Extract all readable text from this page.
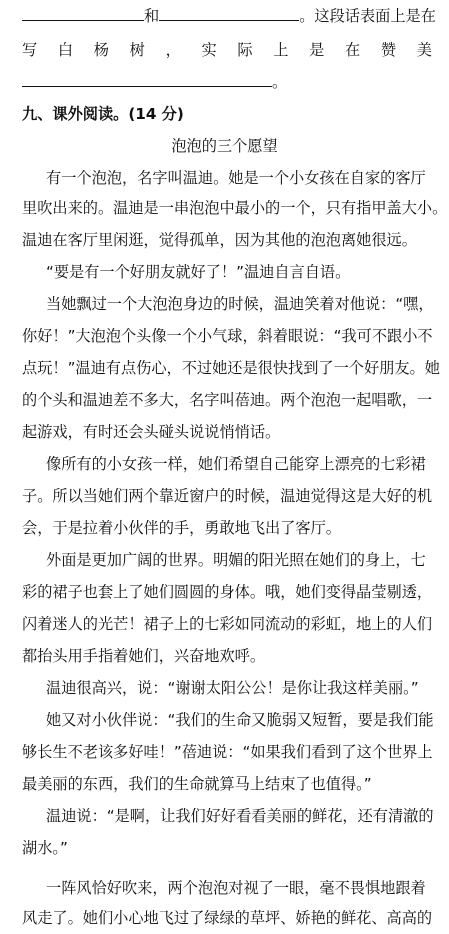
和	。这段话表面上是在
写 白 杨 树 ， 实 际 上 是 在 赞 美
。
九、课外阅读。(14 分)
泡泡的三个愿望
有一个泡泡，名字叫温迪。她是一个小女孩在自家的客厅
里吹出来的。温迪是一串泡泡中最小的一个，只有指甲盖大小。
温迪在客厅里闲逛，觉得孤单，因为其他的泡泡离她很远。
“要是有一个好朋友就好了！”温迪自言自语。
当她飘过一个大泡泡身边的时候，温迪笑着对他说：“嘿，
你好！”大泡泡个头像一个小气球，斜着眼说：“我可不跟小不
点玩！”温迪有点伤心，不过她还是很快找到了一个好朋友。她
的个头和温迪差不多大，名字叫蓓迪。两个泡泡一起唱歌，一
起游戏，有时还会头碰头说说悄悄话。
像所有的小女孩一样，她们希望自己能穿上漂亮的七彩裙
子。所以当她们两个靠近窗户的时候，温迪觉得这是大好的机
会，于是拉着小伙伴的手，勇敢地飞出了客厅。
外面是更加广阔的世界。明媚的阳光照在她们的身上，七
彩的裙子也套上了她们圆圆的身体。哦，她们变得晶莹剔透，
闪着迷人的光芒！裙子上的七彩如同流动的彩虹，地上的人们
都抬头用手指着她们，兴奋地欢呼。
温迪很高兴，说：“谢谢太阳公公！是你让我这样美丽。”
她又对小伙伴说：“我们的生命又脆弱又短暂，要是我们能
够长生不老该多好哇！”蓓迪说：“如果我们看到了这个世界上
最美丽的东西，我们的生命就算马上结束了也值得。”
温迪说：“是啊，让我们好好看看美丽的鲜花，还有清澈的
湖水。”
一阵风恰好吹来，两个泡泡对视了一眼，毫不畏惧地跟着
风走了。她们小心地飞过了绿绿的草坪、娇艳的鲜花、高高的
